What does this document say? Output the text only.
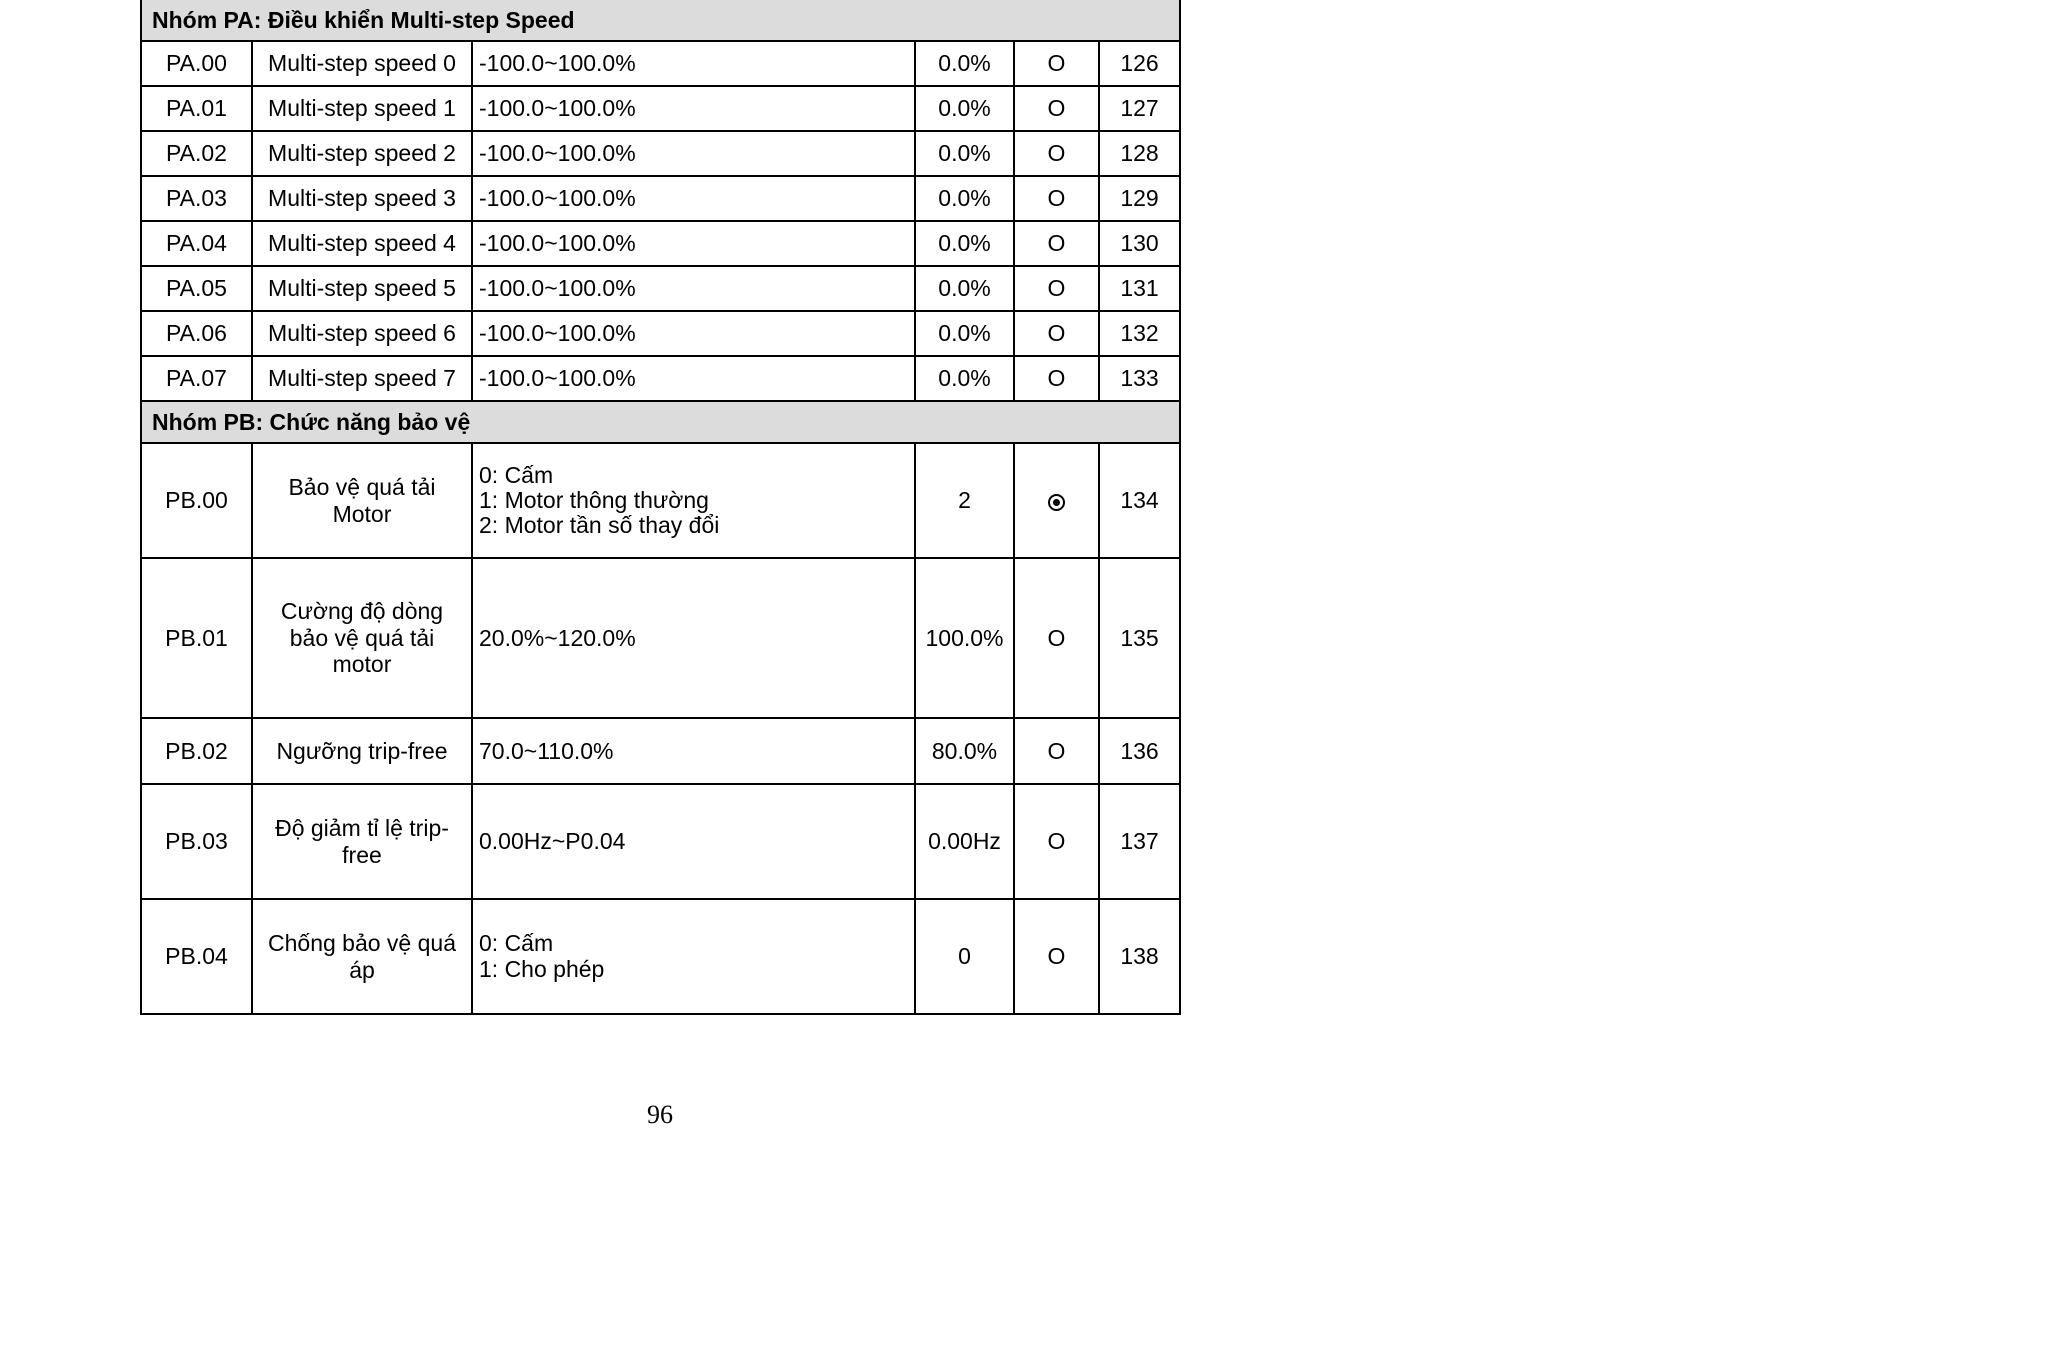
Nhóm PA: Điều khiển Multi-step Speed					
PA.00	Multi-step speed 0	-100.0~100.0%	0.0%	O	126
PA.01	Multi-step speed 1	-100.0~100.0%	0.0%	O	127
PA.02	Multi-step speed 2	-100.0~100.0%	0.0%	O	128
PA.03	Multi-step speed 3	-100.0~100.0%	0.0%	O	129
PA.04	Multi-step speed 4	-100.0~100.0%	0.0%	O	130
PA.05	Multi-step speed 5	-100.0~100.0%	0.0%	O	131
PA.06	Multi-step speed 6	-100.0~100.0%	0.0%	O	132
PA.07	Multi-step speed 7	-100.0~100.0%	0.0%	O	133
Nhóm PB: Chức năng bảo vệ					
PB.00	Bảo vệ quá tải Motor	0: Cấm
1: Motor thông thường
2: Motor tần số thay đổi	2		134
PB.01	Cường độ dòng bảo vệ quá tải motor	20.0%~120.0%	100.0%	O	135
PB.02	Ngưỡng trip-free	70.0~110.0%	80.0%	O	136
PB.03	Độ giảm tỉ lệ trip-free	0.00Hz~P0.04	0.00Hz	O	137
PB.04	Chống bảo vệ quá áp	0: Cấm
1: Cho phép	0	O	138
96
